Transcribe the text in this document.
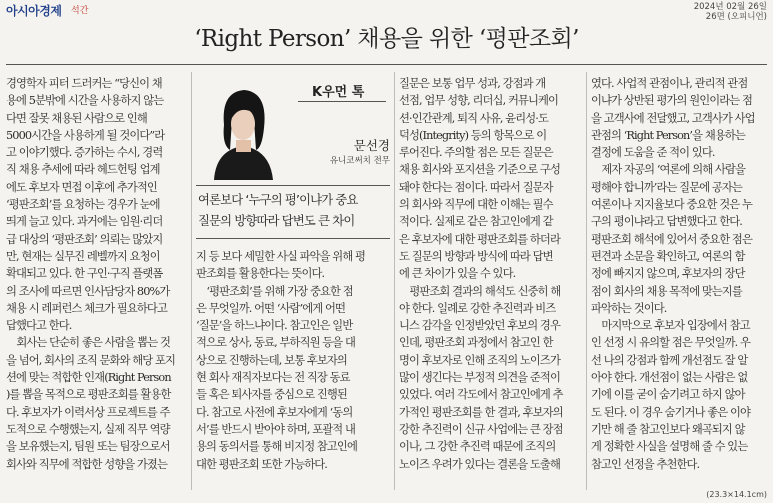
아시아경제 석간	2024년 02월 26일
26면 (오피니언)
‘Right Person’ 채용을 위한 ‘평판조회’
경영학자 피터 드러커는 “당신이 채
용에 5분밖에 시간을 사용하지 않는
다면 잘못 채용된 사람으로 인해
5000시간을 사용하게 될 것이다”라
고 이야기했다. 증가하는 수시, 경력
직 채용 추세에 따라 헤드헌팅 업계
에도 후보자 면접 이후에 추가적인
‘평판조회’를 요청하는 경우가 눈에
띄게 늘고 있다. 과거에는 임원·리더
급 대상의 ‘평판조회’ 의뢰는 많았지
만, 현재는 실무진 레벨까지 요청이
확대되고 있다. 한 구인·구직 플랫폼
의 조사에 따르면 인사담당자 80%가
채용 시 레퍼런스 체크가 필요하다고
답했다고 한다.
　회사는 단순히 좋은 사람을 뽑는 것
을 넘어, 회사의 조직 문화와 해당 포지
션에 맞는 적합한 인재(Right Person
)를 뽑을 목적으로 평판조회를 활용한
다. 후보자가 이력서상 프로젝트를 주
도적으로 수행했는지, 실제 직무 역량
을 보유했는지, 팀원 또는 팀장으로서
회사와 직무에 적합한 성향을 가졌는
K우먼 톡
문선경
유니코써치 전무
여론보다 ‘누구의 평’이냐가 중요
질문의 방향따라 답변도 큰 차이
지 등 보다 세밀한 사실 파악을 위해 평
판조회를 활용한다는 뜻이다.
　‘평판조회’를 위해 가장 중요한 점
은 무엇일까. 어떤 ‘사람’에게 어떤
‘질문’을 하느냐이다. 참고인은 일반
적으로 상사, 동료, 부하직원 등을 대
상으로 진행하는데, 보통 후보자의
현 회사 재직자보다는 전 직장 동료
들 혹은 퇴사자를 중심으로 진행된
다. 참고로 사전에 후보자에게 ‘동의
서’를 반드시 받아야 하며, 포괄적 내
용의 동의서를 통해 비지정 참고인에
대한 평판조회 또한 가능하다.
질문은 보통 업무 성과, 강점과 개
선점, 업무 성향, 리더십, 커뮤니케이
션·인간관계, 퇴직 사유, 윤리성·도
덕성(Integrity) 등의 항목으로 이
루어진다. 주의할 점은 모든 질문은
채용 회사와 포지션을 기준으로 구성
돼야 한다는 점이다. 따라서 질문자
의 회사와 직무에 대한 이해는 필수
적이다. 실제로 같은 참고인에게 같
은 후보자에 대한 평판조회를 하더라
도 질문의 방향과 방식에 따라 답변
에 큰 차이가 있을 수 있다.
　평판조회 결과의 해석도 신중히 해
야 한다. 일례로 강한 추진력과 비즈
니스 감각을 인정받았던 후보의 경우
인데, 평판조회 과정에서 참고인 한
명이 후보자로 인해 조직의 노이즈가
많이 생긴다는 부정적 의견을 준적이
있었다. 여러 각도에서 참고인에게 추
가적인 평판조회를 한 결과, 후보자의
강한 추진력이 신규 사업에는 큰 장점
이나, 그 강한 추진력 때문에 조직의
노이즈 우려가 있다는 결론을 도출해
였다. 사업적 관점이나, 관리적 관점
이냐가 상반된 평가의 원인이라는 점
을 고객사에 전달했고, 고객사가 사업
관점의 ‘Right Person’을 채용하는
결정에 도움을 준 적이 있다.
　제자 자공의 ‘여론에 의해 사람을
평해야 합니까’라는 질문에 공자는
여론이나 지지율보다 중요한 것은 누
구의 평이냐라고 답변했다고 한다.
평판조회 해석에 있어서 중요한 점은
편견과 소문을 확인하고, 여론의 함
정에 빠지지 않으며, 후보자의 장단
점이 회사의 채용 목적에 맞는지를
파악하는 것이다.
　마지막으로 후보자 입장에서 참고
인 선정 시 유의할 점은 무엇일까. 우
선 나의 강점과 함께 개선점도 잘 알
아야 한다. 개선점이 없는 사람은 없
기에 이를 굳이 숨기려고 하지 않아
도 된다. 이 경우 숨기거나 좋은 이야
기만 해 줄 참고인보다 왜곡되지 않
게 정확한 사실을 설명해 줄 수 있는
참고인 선정을 추천한다.
(23.3×14.1cm)
